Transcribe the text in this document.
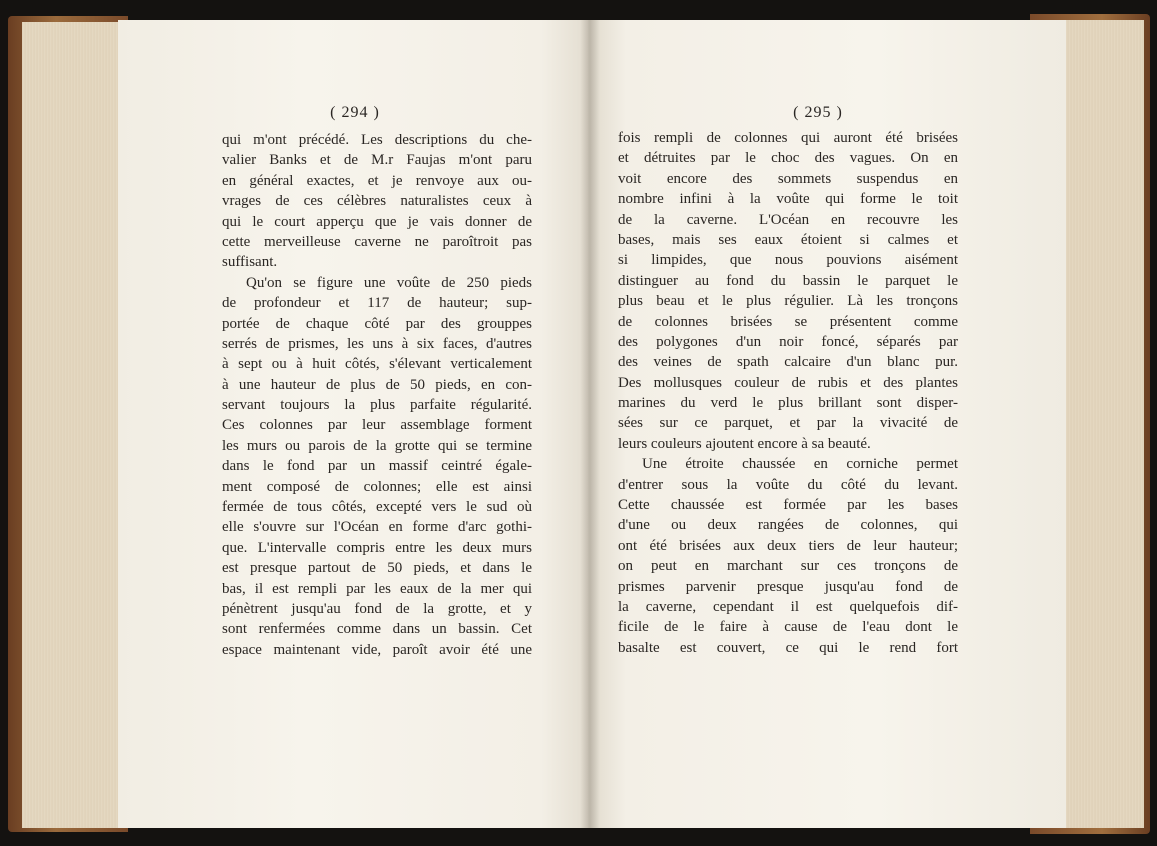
( 294 )
qui m'ont précédé. Les descriptions du che-
valier Banks et de M.r Faujas m'ont paru
en général exactes, et je renvoye aux ou-
vrages de ces célèbres naturalistes ceux à
qui le court apperçu que je vais donner de
cette merveilleuse caverne ne paroîtroit pas
suffisant.
Qu'on se figure une voûte de 250 pieds
de profondeur et 117 de hauteur; sup-
portée de chaque côté par des grouppes
serrés de prismes, les uns à six faces, d'autres
à sept ou à huit côtés, s'élevant verticalement
à une hauteur de plus de 50 pieds, en con-
servant toujours la plus parfaite régularité.
Ces colonnes par leur assemblage forment
les murs ou parois de la grotte qui se termine
dans le fond par un massif ceintré égale-
ment composé de colonnes; elle est ainsi
fermée de tous côtés, excepté vers le sud où
elle s'ouvre sur l'Océan en forme d'arc gothi-
que. L'intervalle compris entre les deux murs
est presque partout de 50 pieds, et dans le
bas, il est rempli par les eaux de la mer qui
pénètrent jusqu'au fond de la grotte, et y
sont renfermées comme dans un bassin. Cet
espace maintenant vide, paroît avoir été une
( 295 )
fois rempli de colonnes qui auront été brisées
et détruites par le choc des vagues. On en
voit encore des sommets suspendus en
nombre infini à la voûte qui forme le toit
de la caverne. L'Océan en recouvre les
bases, mais ses eaux étoient si calmes et
si limpides, que nous pouvions aisément
distinguer au fond du bassin le parquet le
plus beau et le plus régulier. Là les tronçons
de colonnes brisées se présentent comme
des polygones d'un noir foncé, séparés par
des veines de spath calcaire d'un blanc pur.
Des mollusques couleur de rubis et des plantes
marines du verd le plus brillant sont disper-
sées sur ce parquet, et par la vivacité de
leurs couleurs ajoutent encore à sa beauté.
Une étroite chaussée en corniche permet
d'entrer sous la voûte du côté du levant.
Cette chaussée est formée par les bases
d'une ou deux rangées de colonnes, qui
ont été brisées aux deux tiers de leur hauteur;
on peut en marchant sur ces tronçons de
prismes parvenir presque jusqu'au fond de
la caverne, cependant il est quelquefois dif-
ficile de le faire à cause de l'eau dont le
basalte est couvert, ce qui le rend fort
